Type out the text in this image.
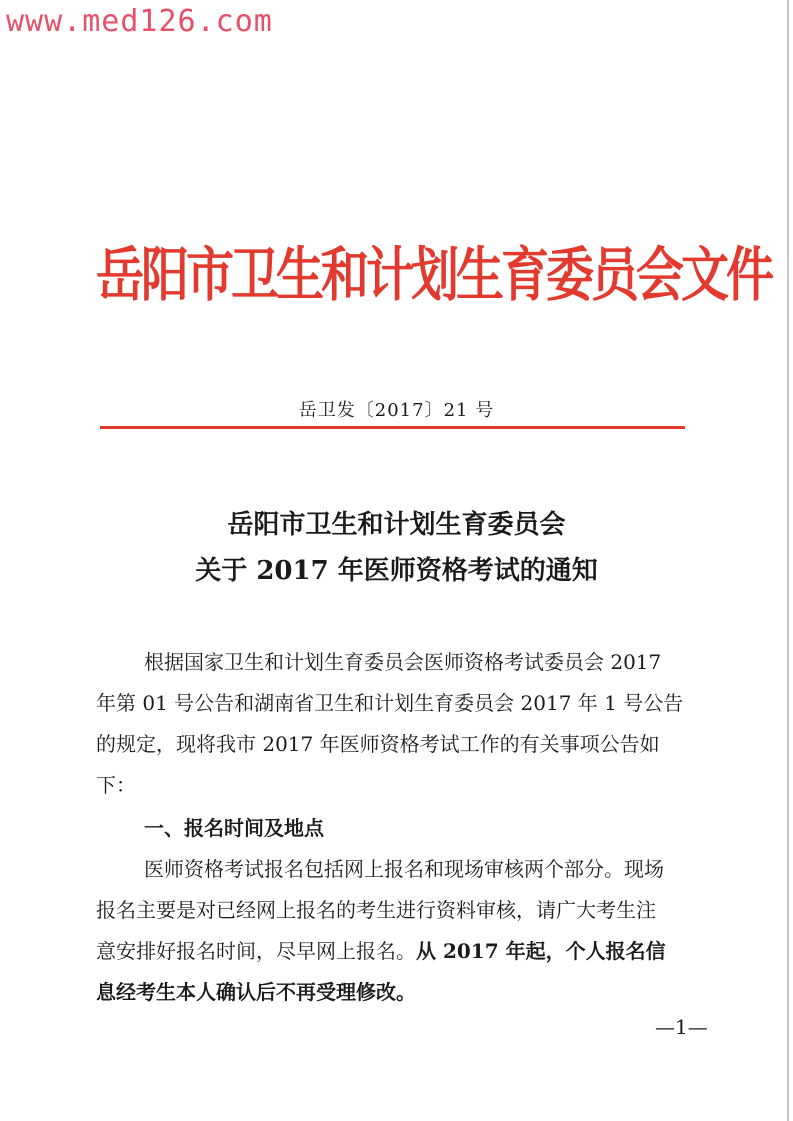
www.med126.com
岳阳市卫生和计划生育委员会文件
岳卫发〔2017〕21 号
岳阳市卫生和计划生育委员会
关于 2017 年医师资格考试的通知
根据国家卫生和计划生育委员会医师资格考试委员会 2017
年第 01 号公告和湖南省卫生和计划生育委员会 2017 年 1 号公告
的规定，现将我市 2017 年医师资格考试工作的有关事项公告如
下：
一、报名时间及地点
医师资格考试报名包括网上报名和现场审核两个部分。现场
报名主要是对已经网上报名的考生进行资料审核，请广大考生注
意安排好报名时间，尽早网上报名。从 2017 年起，个人报名信
息经考生本人确认后不再受理修改。
—1—
